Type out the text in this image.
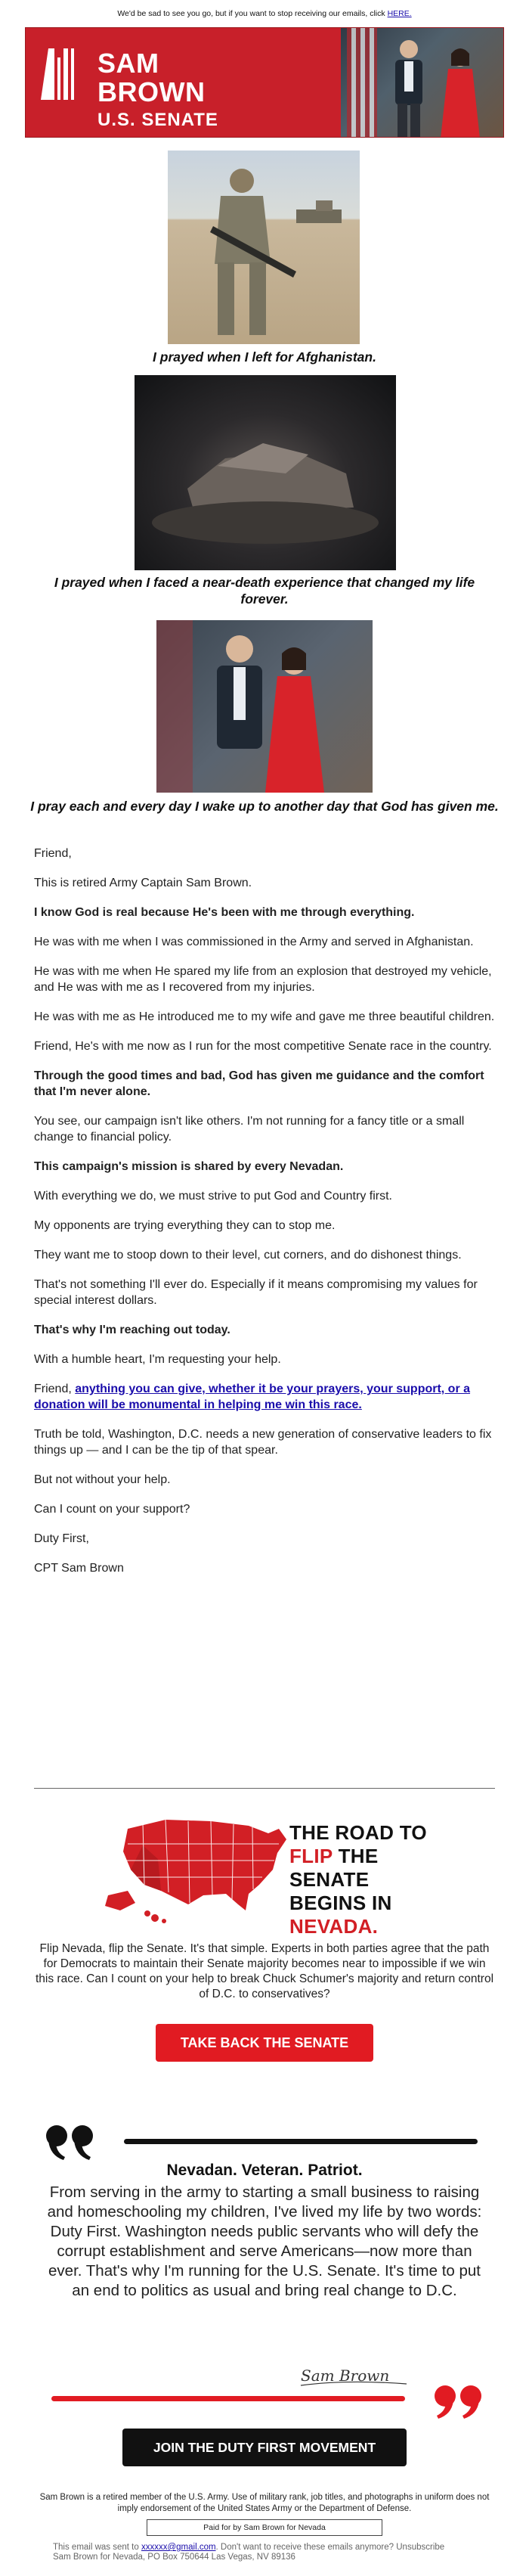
We'd be sad to see you go, but if you want to stop receiving our emails, click HERE.
SAM
BROWN
U.S. SENATE
I prayed when I left for Afghanistan.
I prayed when I faced a near-death experience that changed my life forever.
I pray each and every day I wake up to another day that God has given me.

Friend,

This is retired Army Captain Sam Brown.

I know God is real because He's been with me through everything.

He was with me when I was commissioned in the Army and served in Afghanistan.

He was with me when He spared my life from an explosion that destroyed my vehicle, and He was with me as I recovered from my injuries.

He was with me as He introduced me to my wife and gave me three beautiful children.

Friend, He's with me now as I run for the most competitive Senate race in the country.

Through the good times and bad, God has given me guidance and the comfort that I'm never alone.

You see, our campaign isn't like others. I'm not running for a fancy title or a small change to financial policy.

This campaign's mission is shared by every Nevadan.

With everything we do, we must strive to put God and Country first.

My opponents are trying everything they can to stop me.

They want me to stoop down to their level, cut corners, and do dishonest things.

That's not something I'll ever do. Especially if it means compromising my values for special interest dollars.

That's why I'm reaching out today.

With a humble heart, I'm requesting your help.

Friend, anything you can give, whether it be your prayers, your support, or a donation will be monumental in helping me win this race.

Truth be told, Washington, D.C. needs a new generation of conservative leaders to fix things up — and I can be the tip of that spear.

But not without your help.

Can I count on your support?

Duty First,

CPT Sam Brown

THE ROAD TO
FLIP THE SENATE
BEGINS IN NEVADA.
Flip Nevada, flip the Senate. It's that simple. Experts in both parties agree that the path for Democrats to maintain their Senate majority becomes near to impossible if we win this race. Can I count on your help to break Chuck Schumer's majority and return control of D.C. to conservatives?
TAKE BACK THE SENATE
Nevadan. Veteran. Patriot.
From serving in the army to starting a small business to raising and homeschooling my children, I've lived my life by two words: Duty First. Washington needs public servants who will defy the corrupt establishment and serve Americans—now more than ever. That's why I'm running for the U.S. Senate. It's time to put an end to politics as usual and bring real change to D.C.
Sam Brown
JOIN THE DUTY FIRST MOVEMENT
Sam Brown is a retired member of the U.S. Army. Use of military rank, job titles, and photographs in uniform does not imply endorsement of the United States Army or the Department of Defense.
Paid for by Sam Brown for Nevada
This email was sent to xxxxxx@gmail.com. Don't want to receive these emails anymore? Unsubscribe
Sam Brown for Nevada, PO Box 750644 Las Vegas, NV 89136
